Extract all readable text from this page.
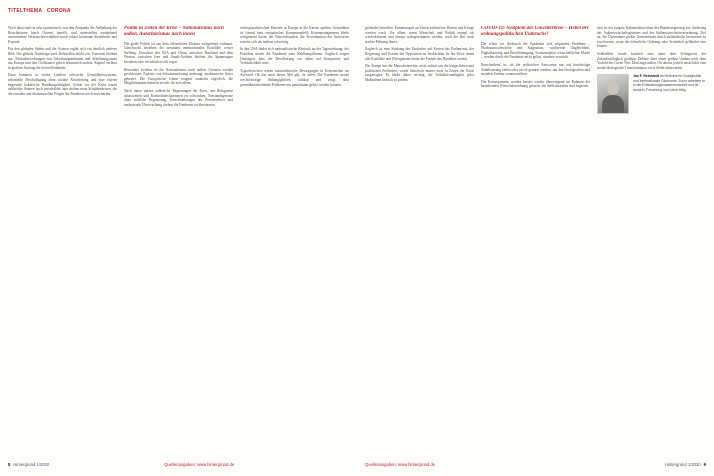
TITELTHEMA CORONA

Noch dazu sind sie sehr optimistisch, was den Zeitpunkt der Aufhebung der Restriktionen (nach Ostern) betrifft, und unterstellen weitgehend unveränderte Verbraucherverhalten sowie relativ konstante Steuerbasis und Exporte.

Für den globalen Süden und die Asiaten ergibt sich ein deutlich anderes Bild: Die globale Nachfrage nach Rohstoffen bricht ein, Touristen bleiben aus, Rücküberweisungen von Arbeitsmigrantinnen und Arbeitsmigranten aus Europa und den Golfstaaten gehen dramatisch zurück. Kapital verlässt in großem Umfang die Schwellenländer.

Dazu kommen in vielen Ländern schwache Gesundheitssysteme, informelle Beschäftigung ohne soziale Absicherung und eine extrem begrenzte fiskalische Handlungsfähigkeit. Schon vor der Krise waren zahlreiche Staaten hoch verschuldet; nun drohen neue Schuldenkrisen, die die sozialen und ökonomischen Folgen der Pandemie noch verschärfen.

Politik in Zeiten der Krise – Nationalismus nach außen, Autoritarismus nach innen

Die große Politik ist aus dem öffentlichen Diskurs weitgehend verbannt. Gleichwohl beziehen die zentralen internationalen Konflikte weiter Stellung. Zwischen den USA und China, zwischen Russland und dem Westen, zwischen Iran und Saudi-Arabien bleiben die Spannungen bestehen oder verschärfen sich sogar.

Besonders sichtbar ist der Nationalismus nach außen: Grenzen werden geschlossen, Exporte von Schutzausrüstung untersagt, medizinische Güter gehortet. Die Europäische Union reagiert zunächst zögerlich, die Mitgliedstaaten handeln jeweils für sich allein.

Nach innen nutzen zahlreiche Regierungen die Krise, um Befugnisse auszuweiten und Kontrollmechanismen zu schwächen. Notstandsgesetze ohne zeitliche Begrenzung, Einschränkungen der Pressefreiheit und umfassende Überwachung drohen die Pandemie zu überdauern.

rechtspopulistischen Parteien in Europa in die Karten spielen. Gesundheit ist formal kein europäisches Kompetenzfeld, Krisenmanagement bleibt weitgehend Sache der Nationalstaaten, die Koordination der Antworten erweist sich als äußerst schwierig.

In den USA findet sich nationalistische Rhetorik an der Tagesordnung; der Präsident macht die Pandemie zum Wahlkampfthema. Zugleich zeigen Umfragen, dass die Bevölkerung vor allem auf Kompetenz und Verlässlichkeit setzt.

Typischerweise waren nationalistische Bewegungen in Krisenzeiten im Aufwind. Ob das auch dieses Mal gilt, ist offen: Die Pandemie macht wechselseitige Abhängigkeiten sichtbar und zeigt, dass grenzüberschreitende Probleme nur gemeinsam gelöst werden können.

8 Hintergrund 1/2020	Quellenangaben: www.hintergrund.de

gefährdet betroffen. Erinnerungen an Zeiten zahlreicher Dürren und Kriege werden wach. Vor allem, wenn Wirtschaft und Politik einmal als wiederkehrend und abrupt wahrgenommen werden, wird der Ruf nach starker Führung lauter.

Zugleich ist eine Stärkung der Exekutive auf Kosten des Parlaments, der Regierung und Kosten der Opposition zu beobachten. In der Krise treten alle Konflikte und Divergenzen hinter die Einheit des Handelns zurück.

Der Kampf um die Menschenrechte, nicht zuletzt um die bürgerlichen und politischen Freiheiten, wurde historisch immer auch in Zeiten der Krise ausgetragen. Es bleibt daher wichtig, die Verhältnismäßigkeit jeder Maßnahme kritisch zu prüfen.

COVID-19: Symptom der Unwetterkrise – Hebel der ordnungspolitischen Umbruchs?

Die schon vor Ausbruch der Epidemie sich zeigenden Probleme – Wachstumsschwäche und Stagnation, wachsende Ungleichheit, Digitalisierung und Beschleunigung, Konzentration wirtschaftlicher Macht – werden durch die Pandemie nicht gelöst, sondern verstärkt.

Entscheidend ist, ob die politischen Antworten nur auf kurzfristige Stabilisierung zielen oder ob sie genutzt werden, um den ökologischen und sozialen Umbau voranzutreiben.

Die Konsequenzen werden bereits wieder überwiegend im Rahmen der bestehenden Wirtschaftsordnung gesucht, die Stellschrauben sind begrenzt.

tiert ist der jüngste Kabinettsbeschluss der Bundesregierung zur Änderung des Außenwirtschaftsgesetzes und der Außenwirtschaftsverordnung. Ziel ist, die Übernahme großer Unternehmen durch ausländische Investoren zu erschweren, wenn die öffentliche Ordnung oder Sicherheit gefährdet sein könnte.

Schließlich wurde kürzlich eine unter dem Schlagwort der Zukunftsfähigkeit geführte Debatte über einen großen Umbau nach dem Vorbild des Green New Deal angestoßen. Ob daraus jedoch tatsächlich eine sozial-ökologische Transformation wird, bleibt abzuwarten.

Jan F. Reinhardt ist Referent für Sozialpolitik und Internationale Ökonomie. Zuvor arbeitete er in der Entwicklungszusammenarbeit und ist heute in Forschung und Lehre tätig.
Quellenangaben: www.hintergrund.de	Hintergrund 1/2020 9
